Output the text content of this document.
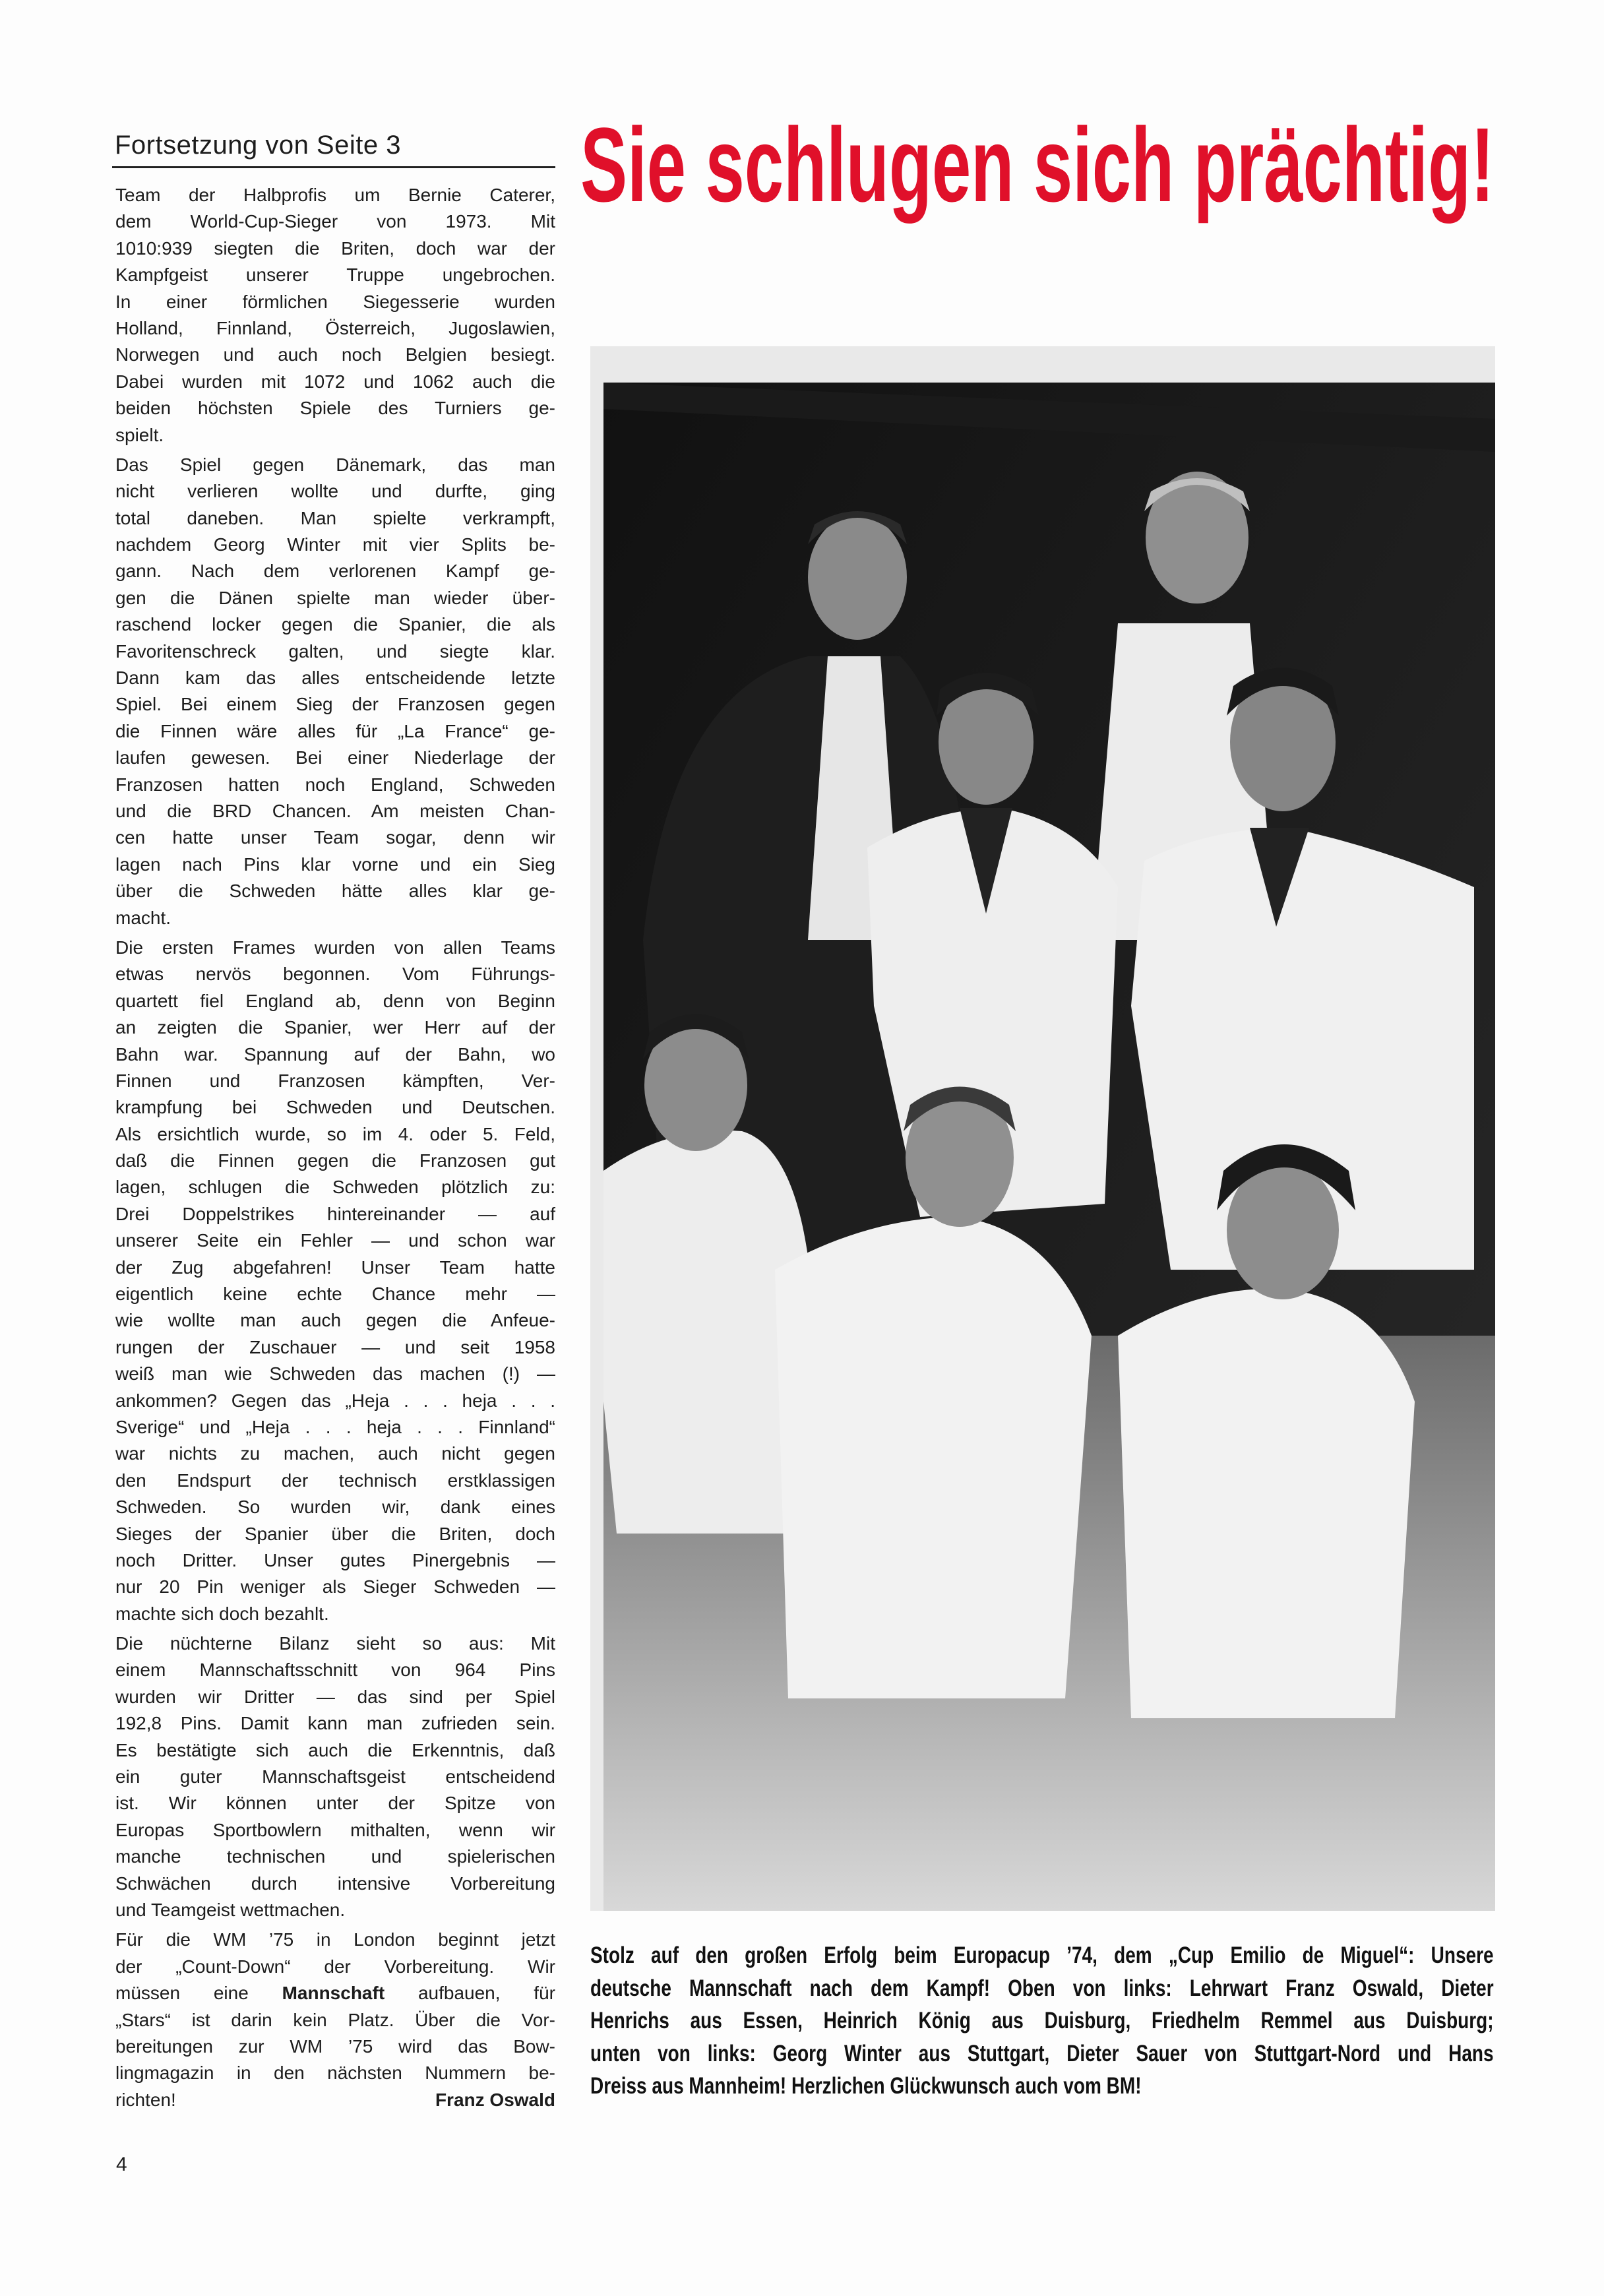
Fortsetzung von Seite 3
Team der Halbprofis um Bernie Caterer,
dem World-Cup-Sieger von 1973. Mit
1010:939 siegten die Briten, doch war der
Kampfgeist unserer Truppe ungebrochen.
In einer förmlichen Siegesserie wurden
Holland, Finnland, Österreich, Jugoslawien,
Norwegen und auch noch Belgien besiegt.
Dabei wurden mit 1072 und 1062 auch die
beiden höchsten Spiele des Turniers ge-
spielt.
Das Spiel gegen Dänemark, das man
nicht verlieren wollte und durfte, ging
total daneben. Man spielte verkrampft,
nachdem Georg Winter mit vier Splits be-
gann. Nach dem verlorenen Kampf ge-
gen die Dänen spielte man wieder über-
raschend locker gegen die Spanier, die als
Favoritenschreck galten, und siegte klar.
Dann kam das alles entscheidende letzte
Spiel. Bei einem Sieg der Franzosen gegen
die Finnen wäre alles für „La France“ ge-
laufen gewesen. Bei einer Niederlage der
Franzosen hatten noch England, Schweden
und die BRD Chancen. Am meisten Chan-
cen hatte unser Team sogar, denn wir
lagen nach Pins klar vorne und ein Sieg
über die Schweden hätte alles klar ge-
macht.
Die ersten Frames wurden von allen Teams
etwas nervös begonnen. Vom Führungs-
quartett fiel England ab, denn von Beginn
an zeigten die Spanier, wer Herr auf der
Bahn war. Spannung auf der Bahn, wo
Finnen und Franzosen kämpften, Ver-
krampfung bei Schweden und Deutschen.
Als ersichtlich wurde, so im 4. oder 5. Feld,
daß die Finnen gegen die Franzosen gut
lagen, schlugen die Schweden plötzlich zu:
Drei Doppelstrikes hintereinander — auf
unserer Seite ein Fehler — und schon war
der Zug abgefahren! Unser Team hatte
eigentlich keine echte Chance mehr —
wie wollte man auch gegen die Anfeue-
rungen der Zuschauer — und seit 1958
weiß man wie Schweden das machen (!) —
ankommen? Gegen das „Heja . . . heja . . .
Sverige“ und „Heja . . . heja . . . Finnland“
war nichts zu machen, auch nicht gegen
den Endspurt der technisch erstklassigen
Schweden. So wurden wir, dank eines
Sieges der Spanier über die Briten, doch
noch Dritter. Unser gutes Pinergebnis —
nur 20 Pin weniger als Sieger Schweden —
machte sich doch bezahlt.
Die nüchterne Bilanz sieht so aus: Mit
einem Mannschaftsschnitt von 964 Pins
wurden wir Dritter — das sind per Spiel
192,8 Pins. Damit kann man zufrieden sein.
Es bestätigte sich auch die Erkenntnis, daß
ein guter Mannschaftsgeist entscheidend
ist. Wir können unter der Spitze von
Europas Sportbowlern mithalten, wenn wir
manche technischen und spielerischen
Schwächen durch intensive Vorbereitung
und Teamgeist wettmachen.
Für die WM ’75 in London beginnt jetzt
der „Count-Down“ der Vorbereitung. Wir
müssen eine Mannschaft aufbauen, für
„Stars“ ist darin kein Platz. Über die Vor-
bereitungen zur WM ’75 wird das Bow-
lingmagazin in den nächsten Nummern be-
richten!	Franz Oswald
Sie schlugen sich prächtig!
Stolz auf den großen Erfolg beim Europacup ’74, dem „Cup Emilio de Miguel“: Unsere
deutsche Mannschaft nach dem Kampf! Oben von links: Lehrwart Franz Oswald, Dieter
Henrichs aus Essen, Heinrich König aus Duisburg, Friedhelm Remmel aus Duisburg;
unten von links: Georg Winter aus Stuttgart, Dieter Sauer von Stuttgart-Nord und Hans
Dreiss aus Mannheim! Herzlichen Glückwunsch auch vom BM!
4
